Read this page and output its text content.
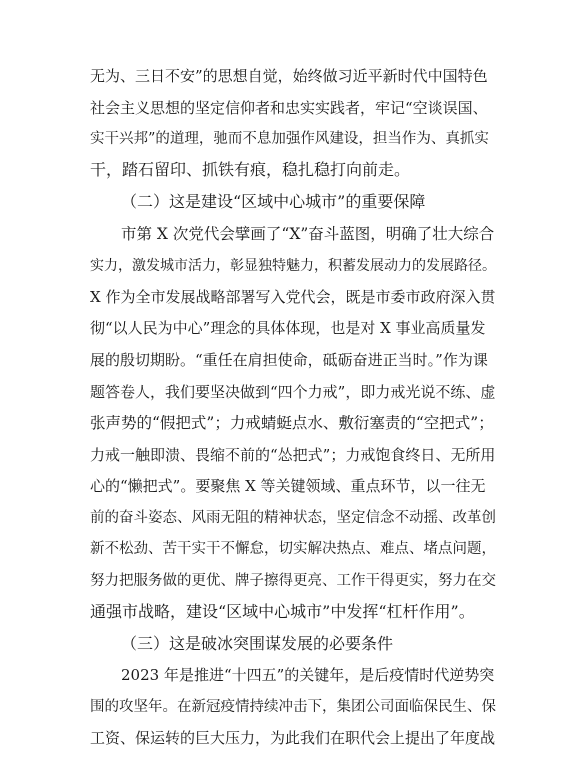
无为、三日不安”的思想自觉，始终做习近平新时代中国特色
社会主义思想的坚定信仰者和忠实实践者，牢记“空谈误国、
实干兴邦”的道理，驰而不息加强作风建设，担当作为、真抓实
干，踏石留印、抓铁有痕，稳扎稳打向前走。
（二）这是建设“区域中心城市”的重要保障
市第 X 次党代会擘画了“X”奋斗蓝图，明确了壮大综合
实力，激发城市活力，彰显独特魅力，积蓄发展动力的发展路径。
X 作为全市发展战略部署写入党代会，既是市委市政府深入贯
彻“以人民为中心”理念的具体体现，也是对 X 事业高质量发
展的殷切期盼。“重任在肩担使命，砥砺奋进正当时。”作为课
题答卷人，我们要坚决做到“四个力戒”，即力戒光说不练、虚
张声势的“假把式”；力戒蜻蜓点水、敷衍塞责的“空把式”；
力戒一触即溃、畏缩不前的“怂把式”；力戒饱食终日、无所用
心的“懒把式”。要聚焦 X 等关键领域、重点环节，以一往无
前的奋斗姿态、风雨无阻的精神状态，坚定信念不动摇、改革创
新不松劲、苦干实干不懈怠，切实解决热点、难点、堵点问题，
努力把服务做的更优、牌子擦得更亮、工作干得更实，努力在交
通强市战略，建设“区域中心城市”中发挥“杠杆作用”。
（三）这是破冰突围谋发展的必要条件
2023 年是推进“十四五”的关键年，是后疫情时代逆势突
围的攻坚年。在新冠疫情持续冲击下，集团公司面临保民生、保
工资、保运转的巨大压力，为此我们在职代会上提出了年度战
